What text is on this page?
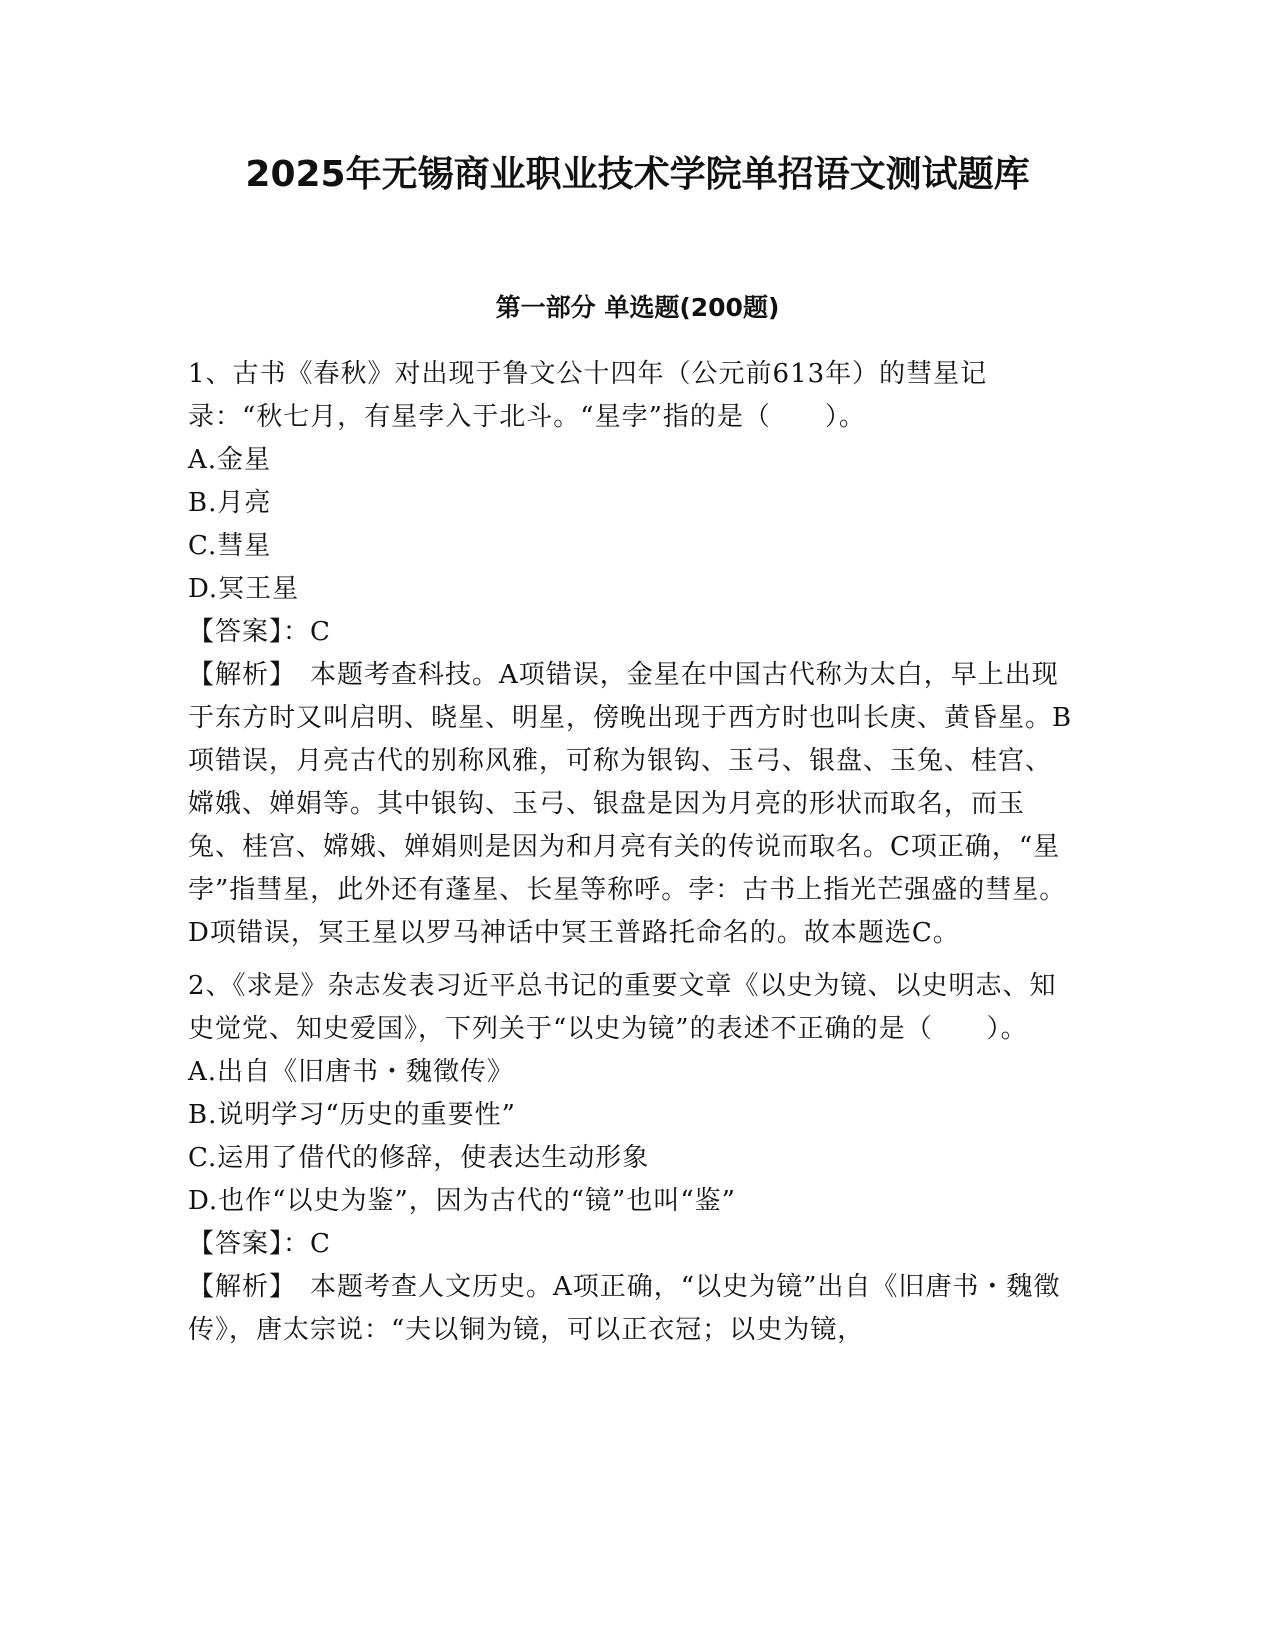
2025年无锡商业职业技术学院单招语文测试题库
第一部分 单选题(200题)

1、古书《春秋》对出现于鲁文公十四年（公元前613年）的彗星记录：“秋七月，有星孛入于北斗。“星孛”指的是（　　）。

A.金星

B.月亮

C.彗星

D.冥王星

【答案】：C

【解析】　本题考查科技。A项错误，金星在中国古代称为太白，早上出现于东方时又叫启明、晓星、明星，傍晚出现于西方时也叫长庚、黄昏星。B项错误，月亮古代的别称风雅，可称为银钩、玉弓、银盘、玉兔、桂宫、嫦娥、婵娟等。其中银钩、玉弓、银盘是因为月亮的形状而取名，而玉兔、桂宫、嫦娥、婵娟则是因为和月亮有关的传说而取名。C项正确，“星孛”指彗星，此外还有蓬星、长星等称呼。孛：古书上指光芒强盛的彗星。D项错误，冥王星以罗马神话中冥王普路托命名的。故本题选C。

2、《求是》杂志发表习近平总书记的重要文章《以史为镜、以史明志、知史觉党、知史爱国》，下列关于“以史为镜”的表述不正确的是（　　）。

A.出自《旧唐书・魏徵传》

B.说明学习“历史的重要性”

C.运用了借代的修辞，使表达生动形象

D.也作“以史为鉴”，因为古代的“镜”也叫“鉴”

【答案】：C

【解析】　本题考查人文历史。A项正确，“以史为镜”出自《旧唐书・魏徵传》，唐太宗说：“夫以铜为镜，可以正衣冠；以史为镜，
